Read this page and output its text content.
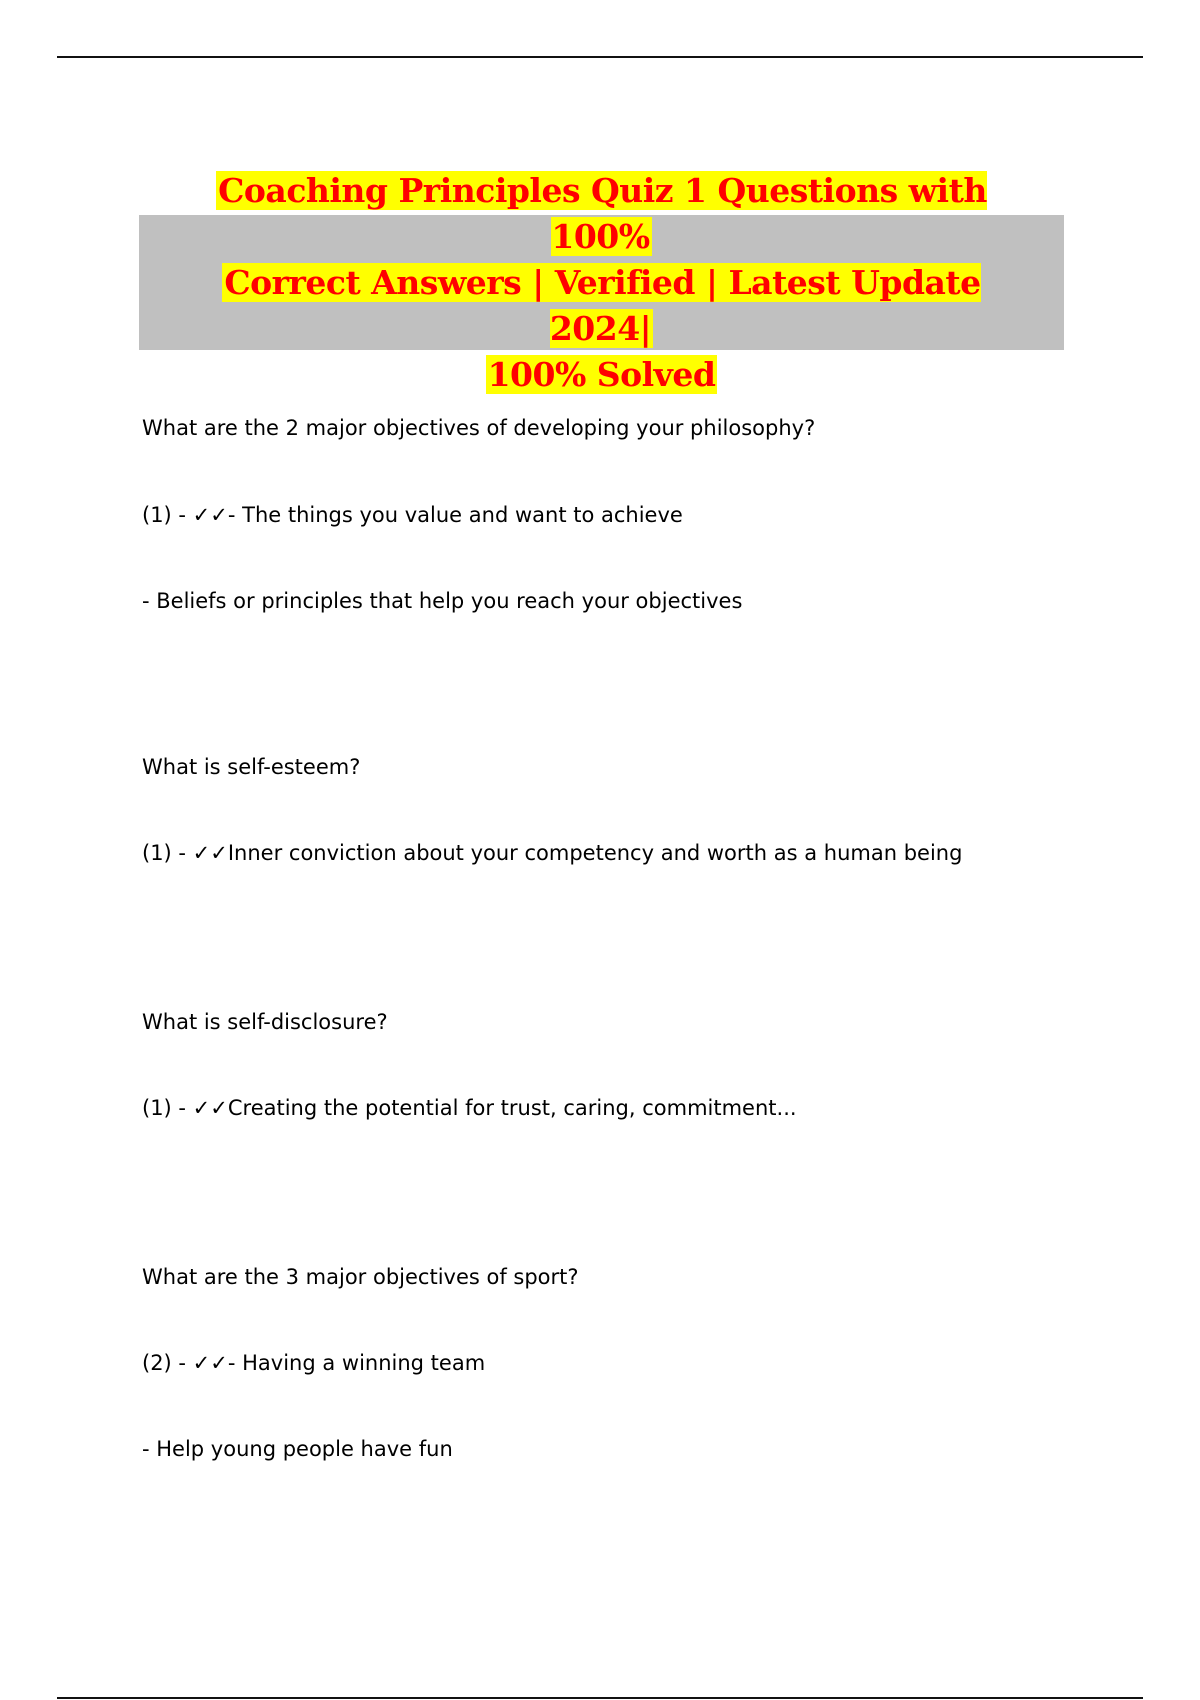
Coaching Principles Quiz 1 Questions with 100%
Correct Answers | Verified | Latest Update 2024|
100% Solved
What are the 2 major objectives of developing your philosophy?
(1) - ✓✓- The things you value and want to achieve
- Beliefs or principles that help you reach your objectives
What is self-esteem?
(1) - ✓✓Inner conviction about your competency and worth as a human being
What is self-disclosure?
(1) - ✓✓Creating the potential for trust, caring, commitment...
What are the 3 major objectives of sport?
(2) - ✓✓- Having a winning team
- Help young people have fun
